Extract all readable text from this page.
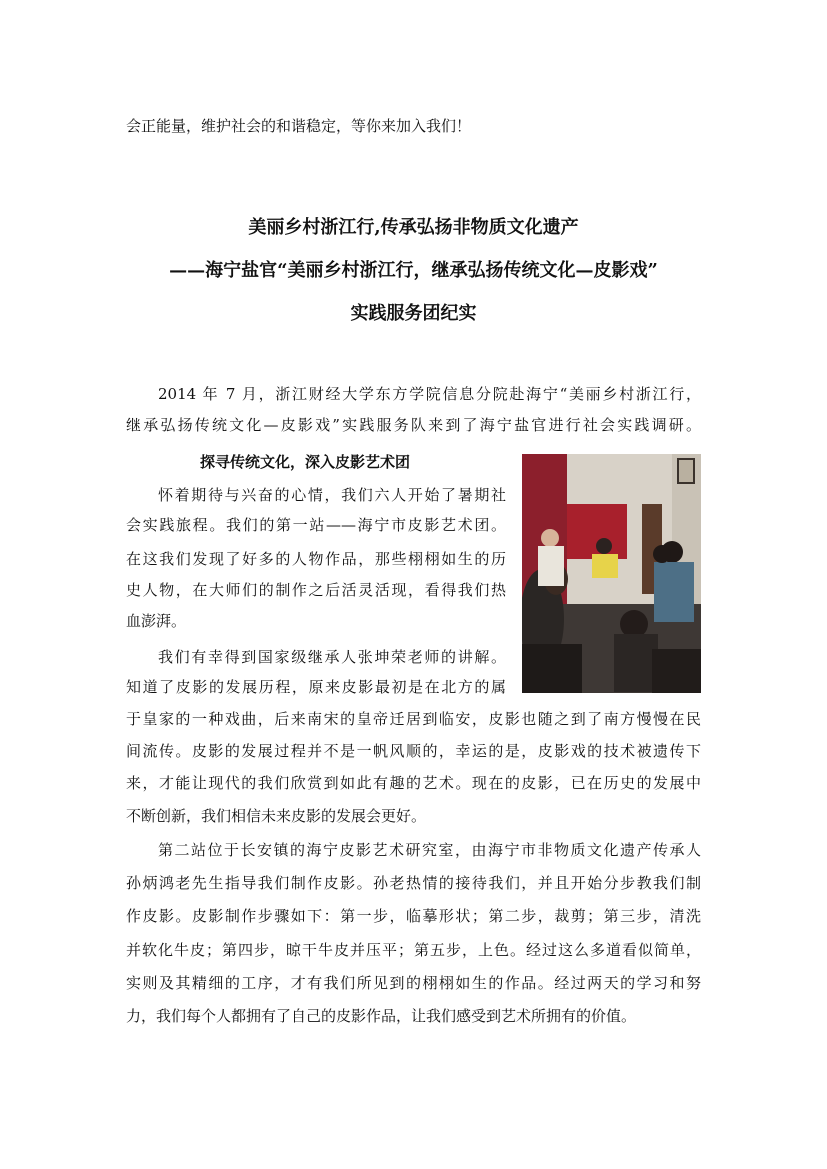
会正能量，维护社会的和谐稳定，等你来加入我们！
美丽乡村浙江行,传承弘扬非物质文化遗产
——海宁盐官“美丽乡村浙江行，继承弘扬传统文化—皮影戏”
实践服务团纪实
2014 年 7 月，浙江财经大学东方学院信息分院赴海宁“美丽乡村浙江行，
继承弘扬传统文化—皮影戏”实践服务队来到了海宁盐官进行社会实践调研。
探寻传统文化，深入皮影艺术团
怀着期待与兴奋的心情，我们六人开始了暑期社
会实践旅程。我们的第一站——海宁市皮影艺术团。
在这我们发现了好多的人物作品，那些栩栩如生的历
史人物，在大师们的制作之后活灵活现，看得我们热
血澎湃。
我们有幸得到国家级继承人张坤荣老师的讲解。
知道了皮影的发展历程，原来皮影最初是在北方的属
于皇家的一种戏曲，后来南宋的皇帝迁居到临安，皮影也随之到了南方慢慢在民
间流传。皮影的发展过程并不是一帆风顺的，幸运的是，皮影戏的技术被遗传下
来，才能让现代的我们欣赏到如此有趣的艺术。现在的皮影，已在历史的发展中
不断创新，我们相信未来皮影的发展会更好。
第二站位于长安镇的海宁皮影艺术研究室，由海宁市非物质文化遗产传承人
孙炳鸿老先生指导我们制作皮影。孙老热情的接待我们，并且开始分步教我们制
作皮影。皮影制作步骤如下：第一步，临摹形状；第二步，裁剪；第三步，清洗
并软化牛皮；第四步，晾干牛皮并压平；第五步，上色。经过这么多道看似简单，
实则及其精细的工序，才有我们所见到的栩栩如生的作品。经过两天的学习和努
力，我们每个人都拥有了自己的皮影作品，让我们感受到艺术所拥有的价值。
